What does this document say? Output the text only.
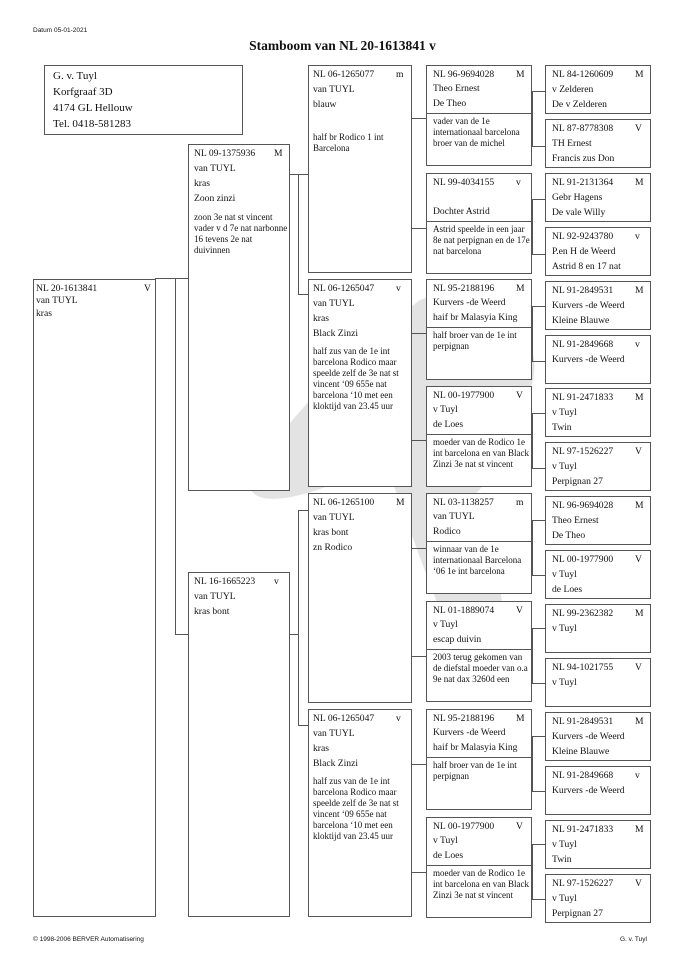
Datum 05-01-2021
Stamboom van NL 20-1613841 v
G. v. Tuyl
Korfgraaf 3D
4174 GL Hellouw
Tel. 0418-581283
NL 20-1613841	V
van TUYL
kras
NL 09-1375936 M
van TUYL
kras
Zoon zinzi
zoon 3e nat st vincent vader v d 7e nat narbonne 16 tevens 2e nat duivinnen
NL 16-1665223 v
van TUYL
kras bont
NL 06-1265077 m
van TUYL
blauw
half br Rodico 1 int Barcelona
NL 06-1265047 v
van TUYL
kras
Black Zinzi
half zus van de 1e int barcelona Rodico maar speelde zelf de 3e nat st vincent ‘09 655e nat barcelona ‘10 met een kloktijd van 23.45 uur
NL 06-1265100 M
van TUYL
kras bont
zn Rodico
NL 06-1265047 v
van TUYL
kras
Black Zinzi
half zus van de 1e int barcelona Rodico maar speelde zelf de 3e nat st vincent ‘09 655e nat barcelona ‘10 met een kloktijd van 23.45 uur
NL 96-9694028 M
Theo Ernest
De Theo
vader van de 1e internationaal barcelona broer van de michel
NL 99-4034155 v
Dochter Astrid
Astrid speelde in een jaar 8e nat perpignan en de 17e nat barcelona
NL 95-2188196 M
Kurvers -de Weerd
haif br Malasyia King
half broer van de 1e int perpignan
NL 00-1977900 V
v Tuyl
de Loes
moeder van de Rodico 1e int barcelona en van Black Zinzi 3e nat st vincent
NL 03-1138257 m
van TUYL
Rodico
winnaar van de 1e internationaal Barcelona ‘06 1e int barcelona
NL 01-1889074 V
v Tuyl
escap duivin
2003 terug gekomen van de diefstal moeder van o.a 9e nat dax 3260d een
NL 95-2188196 M
Kurvers -de Weerd
haif br Malasyia King
half broer van de 1e int perpignan
NL 00-1977900 V
v Tuyl
de Loes
moeder van de Rodico 1e int barcelona en van Black Zinzi 3e nat st vincent
NL 84-1260609 M
v Zelderen
De v Zelderen
NL 87-8778308 V
TH Ernest
Francis zus Don
NL 91-2131364 M
Gebr Hagens
De vale Willy
NL 92-9243780 v
P.en H de Weerd
Astrid 8 en 17 nat
NL 91-2849531 M
Kurvers -de Weerd
Kleine Blauwe
NL 91-2849668 v
Kurvers -de Weerd
NL 91-2471833 M
v Tuyl
Twin
NL 97-1526227 V
v Tuyl
Perpignan 27
NL 96-9694028 M
Theo Ernest
De Theo
NL 00-1977900 V
v Tuyl
de Loes
NL 99-2362382 M
v Tuyl
NL 94-1021755 V
v Tuyl
NL 91-2849531 M
Kurvers -de Weerd
Kleine Blauwe
NL 91-2849668 v
Kurvers -de Weerd
NL 91-2471833 M
v Tuyl
Twin
NL 97-1526227 V
v Tuyl
Perpignan 27
© 1998-2006 BERVER Automatisering	G. v. Tuyl
